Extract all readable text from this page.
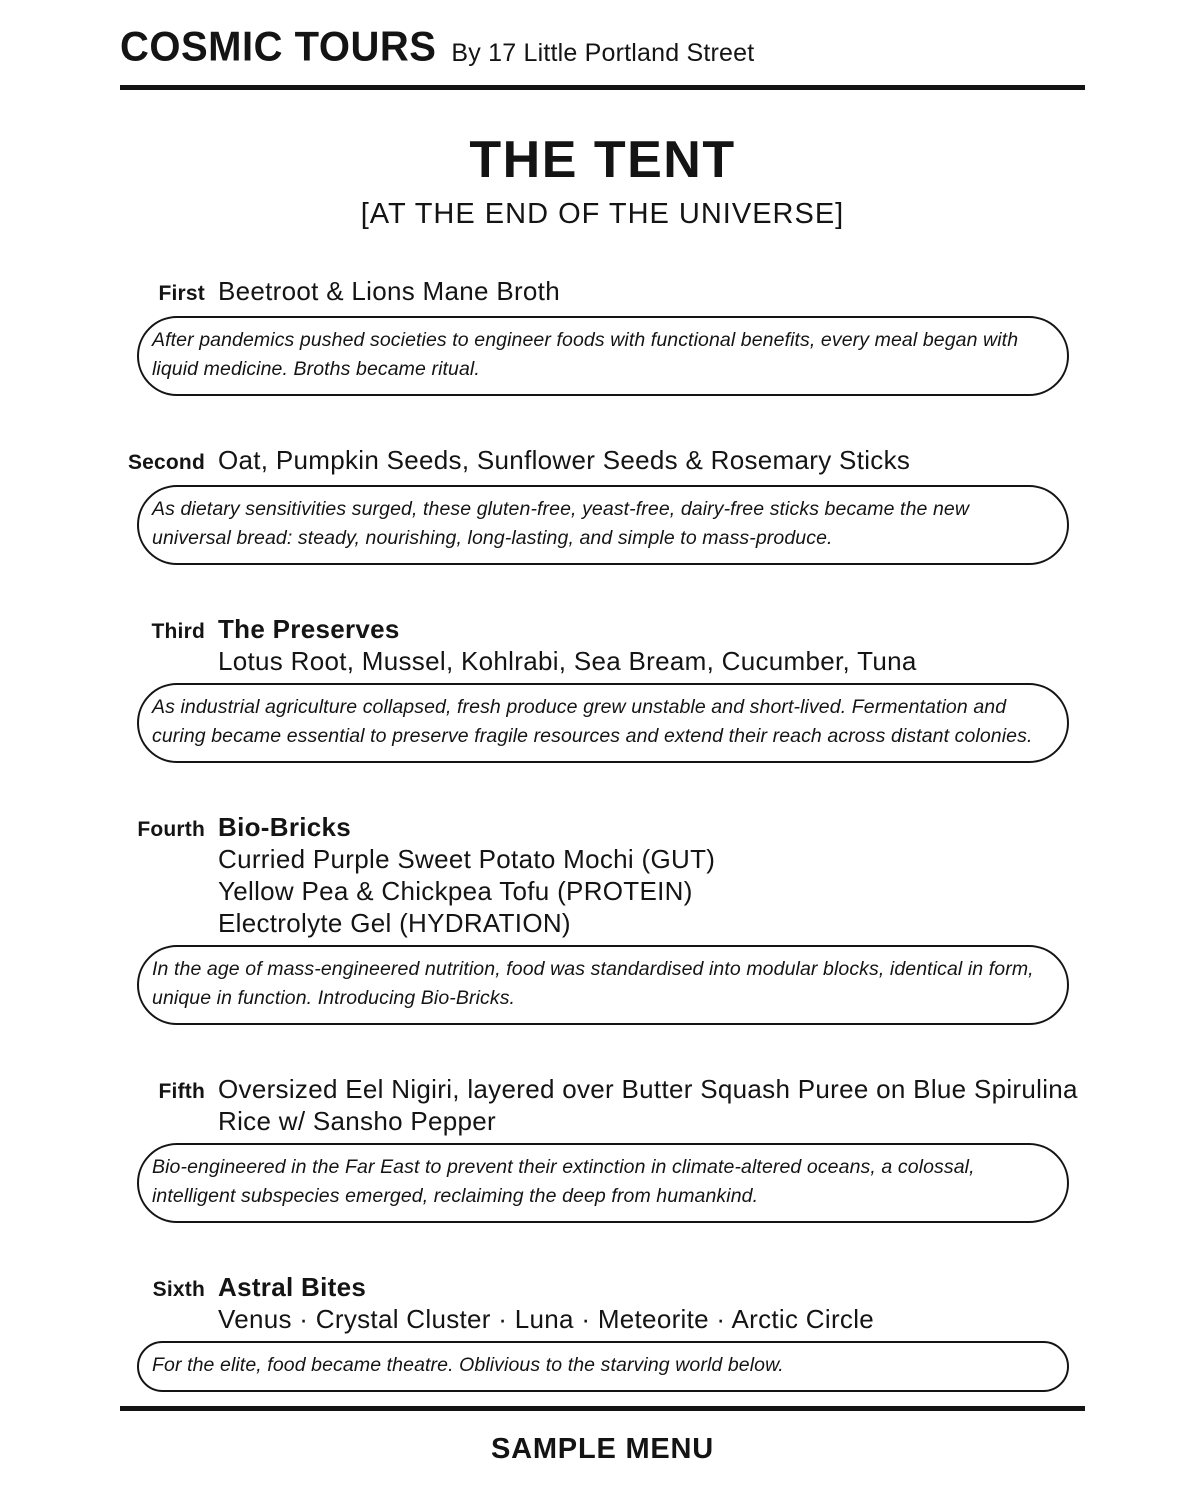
COSMIC TOURS By 17 Little Portland Street
THE TENT
[AT THE END OF THE UNIVERSE]
First Beetroot & Lions Mane Broth
After pandemics pushed societies to engineer foods with functional benefits, every meal began with liquid medicine. Broths became ritual.
Second Oat, Pumpkin Seeds, Sunflower Seeds & Rosemary Sticks
As dietary sensitivities surged, these gluten-free, yeast-free, dairy-free sticks became the new universal bread: steady, nourishing, long-lasting, and simple to mass-produce.
Third The Preserves
Lotus Root, Mussel, Kohlrabi, Sea Bream, Cucumber, Tuna
As industrial agriculture collapsed, fresh produce grew unstable and short-lived. Fermentation and curing became essential to preserve fragile resources and extend their reach across distant colonies.
Fourth Bio-Bricks
Curried Purple Sweet Potato Mochi (GUT)
Yellow Pea & Chickpea Tofu (PROTEIN)
Electrolyte Gel (HYDRATION)
In the age of mass-engineered nutrition, food was standardised into modular blocks, identical in form, unique in function. Introducing Bio-Bricks.
Fifth Oversized Eel Nigiri, layered over Butter Squash Puree on Blue Spirulina Rice w/ Sansho Pepper
Bio-engineered in the Far East to prevent their extinction in climate-altered oceans, a colossal, intelligent subspecies emerged, reclaiming the deep from humankind.
Sixth Astral Bites
Venus · Crystal Cluster · Luna · Meteorite · Arctic Circle
For the elite, food became theatre. Oblivious to the starving world below.
SAMPLE MENU
